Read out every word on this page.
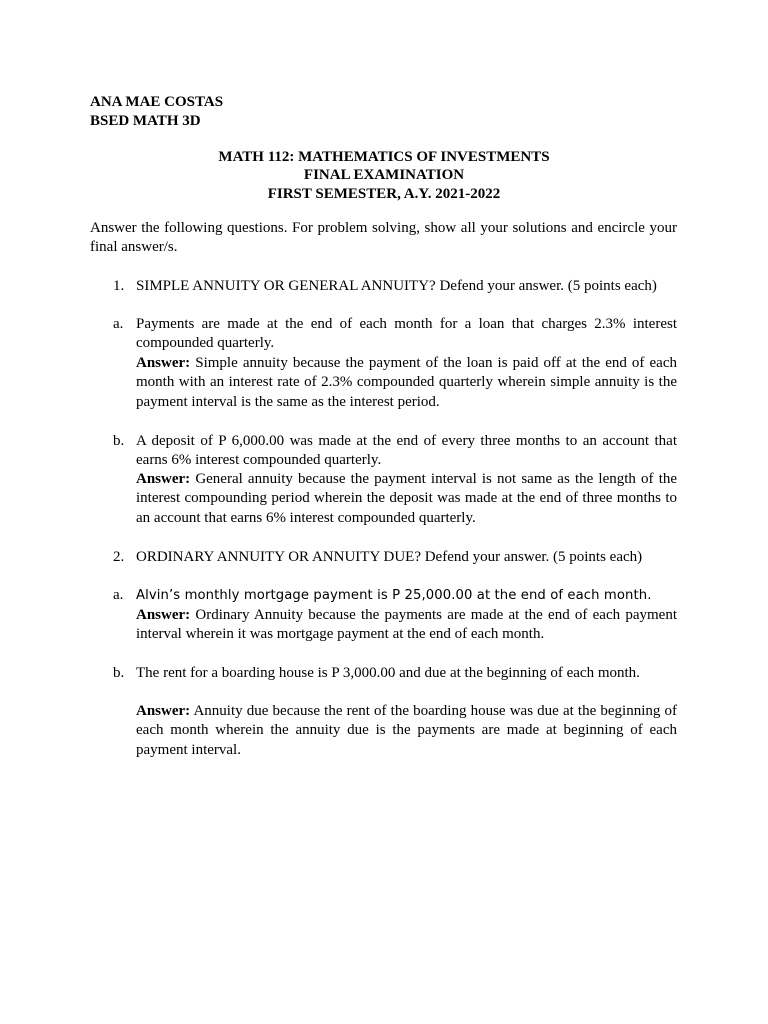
ANA MAE COSTAS
BSED MATH 3D
MATH 112: MATHEMATICS OF INVESTMENTS
FINAL EXAMINATION
FIRST SEMESTER, A.Y. 2021-2022
Answer the following questions. For problem solving, show all your solutions and encircle your final answer/s.
1. SIMPLE ANNUITY OR GENERAL ANNUITY? Defend your answer. (5 points each)
a. Payments are made at the end of each month for a loan that charges 2.3% interest compounded quarterly.
Answer: Simple annuity because the payment of the loan is paid off at the end of each month with an interest rate of 2.3% compounded quarterly wherein simple annuity is the payment interval is the same as the interest period.
b. A deposit of P 6,000.00 was made at the end of every three months to an account that earns 6% interest compounded quarterly.
Answer: General annuity because the payment interval is not same as the length of the interest compounding period wherein the deposit was made at the end of three months to an account that earns 6% interest compounded quarterly.
2. ORDINARY ANNUITY OR ANNUITY DUE? Defend your answer. (5 points each)
a. Alvin’s monthly mortgage payment is P 25,000.00 at the end of each month.
Answer: Ordinary Annuity because the payments are made at the end of each payment interval wherein it was mortgage payment at the end of each month.
b. The rent for a boarding house is P 3,000.00 and due at the beginning of each month.
Answer: Annuity due because the rent of the boarding house was due at the beginning of each month wherein the annuity due is the payments are made at beginning of each payment interval.
